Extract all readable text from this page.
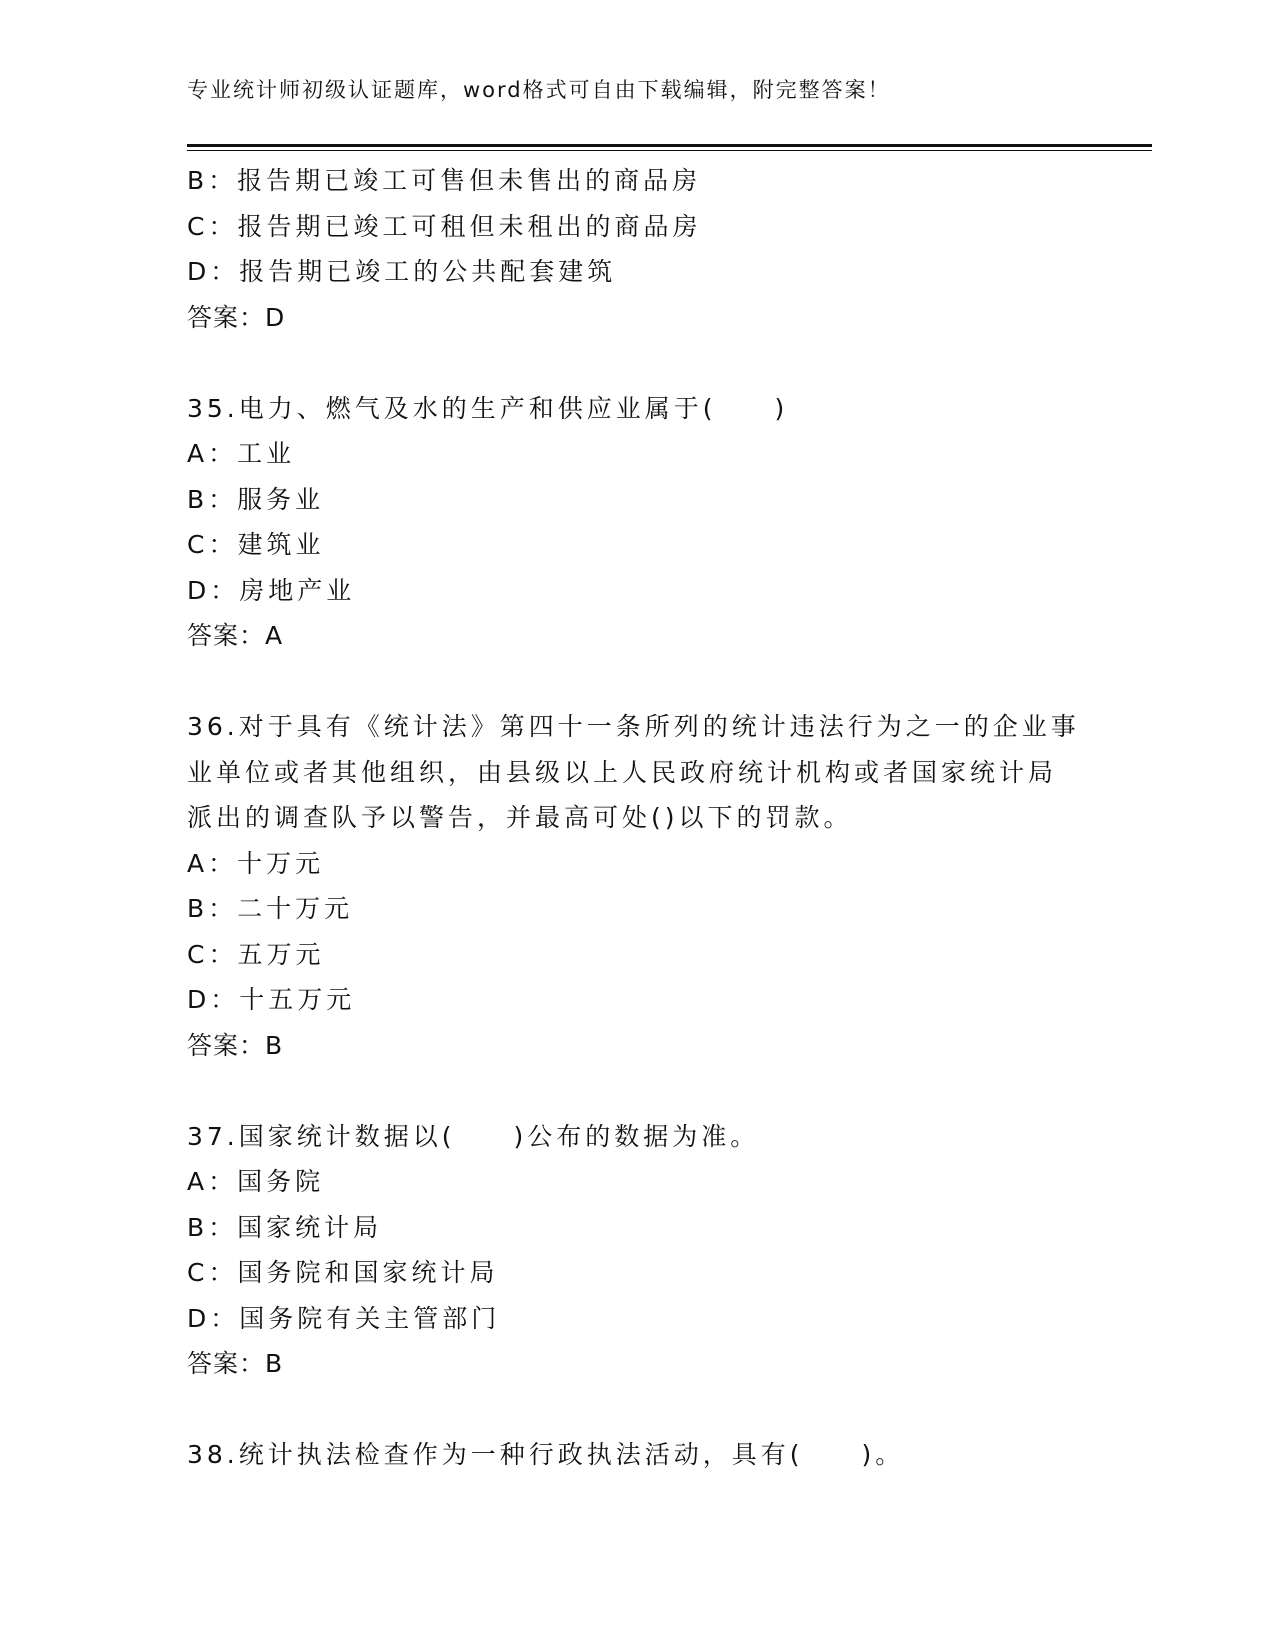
专业统计师初级认证题库，word格式可自由下载编辑，附完整答案！
B：报告期已竣工可售但未售出的商品房
C：报告期已竣工可租但未租出的商品房
D：报告期已竣工的公共配套建筑
答案：D
35.电力、燃气及水的生产和供应业属于(　　)
A：工业
B：服务业
C：建筑业
D：房地产业
答案：A
36.对于具有《统计法》第四十一条所列的统计违法行为之一的企业事
业单位或者其他组织，由县级以上人民政府统计机构或者国家统计局
派出的调查队予以警告，并最高可处()以下的罚款。
A：十万元
B：二十万元
C：五万元
D：十五万元
答案：B
37.国家统计数据以(　　)公布的数据为准。
A：国务院
B：国家统计局
C：国务院和国家统计局
D：国务院有关主管部门
答案：B
38.统计执法检查作为一种行政执法活动，具有(　　)。
